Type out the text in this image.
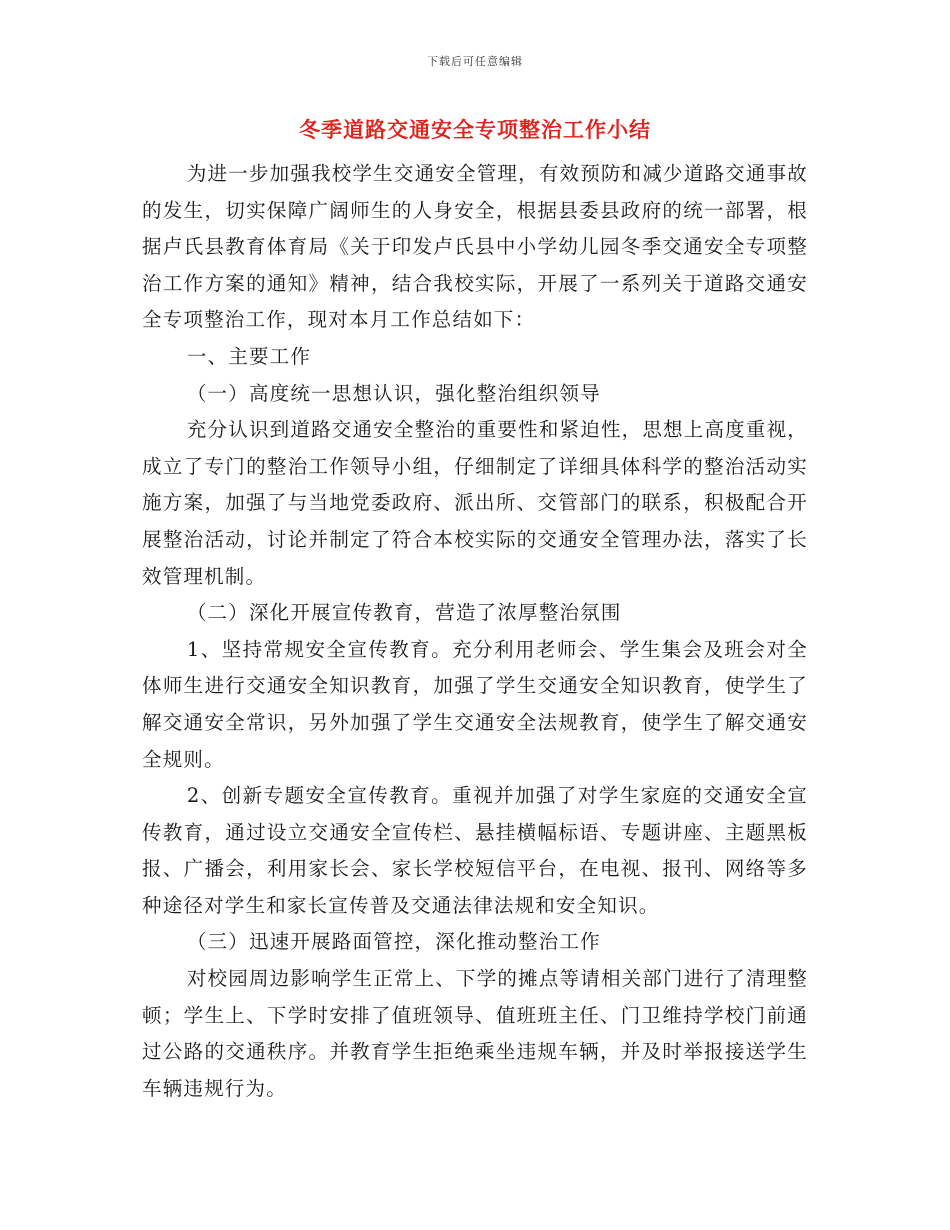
下载后可任意编辑
冬季道路交通安全专项整治工作小结

为进一步加强我校学生交通安全管理，有效预防和减少道路交通事故的发生，切实保障广阔师生的人身安全，根据县委县政府的统一部署，根据卢氏县教育体育局《关于印发卢氏县中小学幼儿园冬季交通安全专项整治工作方案的通知》精神，结合我校实际，开展了一系列关于道路交通安全专项整治工作，现对本月工作总结如下：

一、主要工作

（一）高度统一思想认识，强化整治组织领导

充分认识到道路交通安全整治的重要性和紧迫性，思想上高度重视，成立了专门的整治工作领导小组，仔细制定了详细具体科学的整治活动实施方案，加强了与当地党委政府、派出所、交管部门的联系，积极配合开展整治活动，讨论并制定了符合本校实际的交通安全管理办法，落实了长效管理机制。

（二）深化开展宣传教育，营造了浓厚整治氛围

1、坚持常规安全宣传教育。充分利用老师会、学生集会及班会对全体师生进行交通安全知识教育，加强了学生交通安全知识教育，使学生了解交通安全常识，另外加强了学生交通安全法规教育，使学生了解交通安全规则。

2、创新专题安全宣传教育。重视并加强了对学生家庭的交通安全宣传教育，通过设立交通安全宣传栏、悬挂横幅标语、专题讲座、主题黑板报、广播会，利用家长会、家长学校短信平台，在电视、报刊、网络等多种途径对学生和家长宣传普及交通法律法规和安全知识。

（三）迅速开展路面管控，深化推动整治工作

对校园周边影响学生正常上、下学的摊点等请相关部门进行了清理整顿；学生上、下学时安排了值班领导、值班班主任、门卫维持学校门前通过公路的交通秩序。并教育学生拒绝乘坐违规车辆，并及时举报接送学生车辆违规行为。
